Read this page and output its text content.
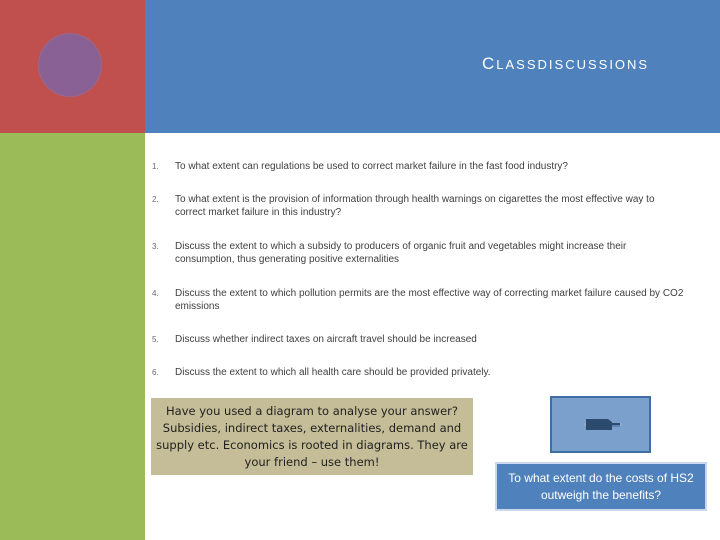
CLASSDISCUSSIONS
1.	To what extent can regulations be used to correct market failure in the fast food industry?
2.	To what extent is the provision of information through health warnings on cigarettes the most effective way to correct market failure in this industry?
3.	Discuss the extent to which a subsidy to producers of organic fruit and vegetables might increase their consumption, thus generating positive externalities
4.	Discuss the extent to which pollution permits are the most effective way of correcting market failure caused by CO2 emissions
5.	Discuss whether indirect taxes on aircraft travel should be increased
6.	Discuss the extent to which all health care should be provided privately.
Have you used a diagram to analyse your answer? Subsidies, indirect taxes, externalities, demand and supply etc. Economics is rooted in diagrams. They are your friend – use them!
To what extent do the costs of HS2 outweigh the benefits?
